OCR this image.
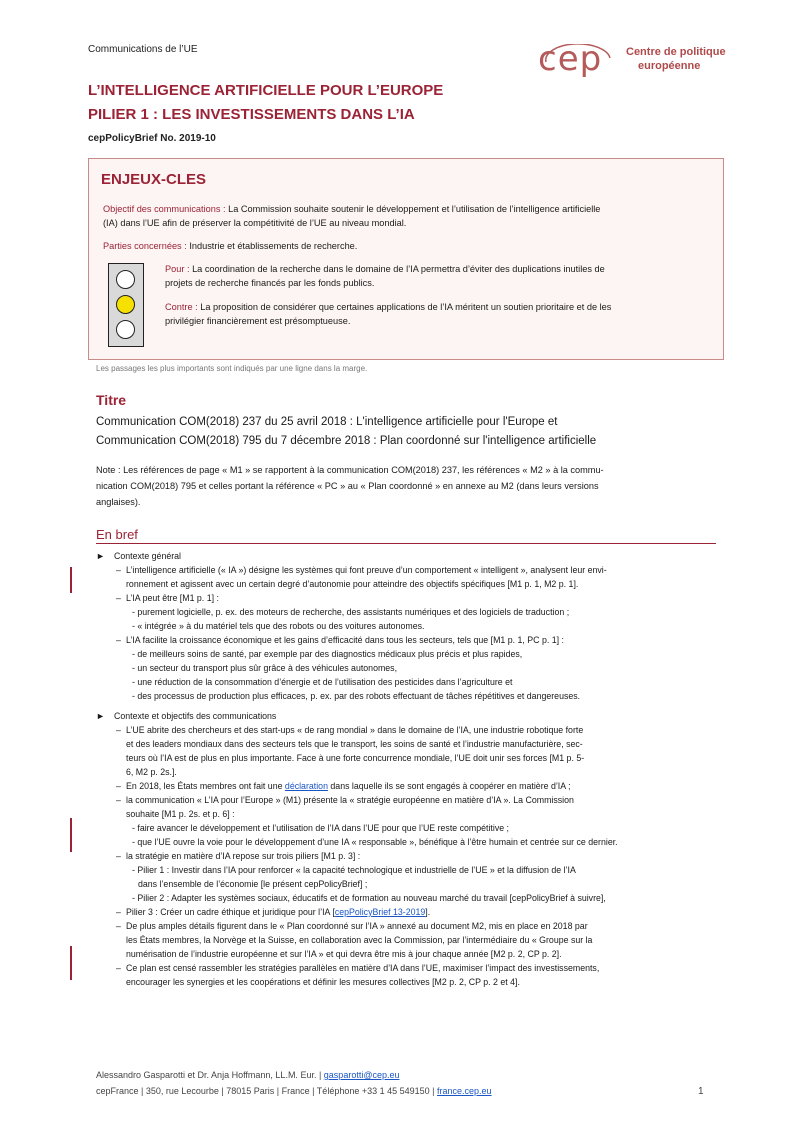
Communications de l’UE	cep Centre de politique
européenne
L’INTELLIGENCE ARTIFICIELLE POUR L’EUROPE
PILIER 1 : LES INVESTISSEMENTS DANS L’IA
cepPolicyBrief No. 2019-10
ENJEUX-CLES
Objectif des communications : La Commission souhaite soutenir le développement et l’utilisation de l’intelligence artificielle
(IA) dans l’UE afin de préserver la compétitivité de l’UE au niveau mondial.
Parties concernées : Industrie et établissements de recherche.
Pour : La coordination de la recherche dans le domaine de l’IA permettra d’éviter des duplications inutiles de
projets de recherche financés par les fonds publics.
Contre : La proposition de considérer que certaines applications de l’IA méritent un soutien prioritaire et de les
privilégier financièrement est présomptueuse.
Les passages les plus importants sont indiqués par une ligne dans la marge.
Titre
Communication COM(2018) 237 du 25 avril 2018 : L'intelligence artificielle pour l'Europe et
Communication COM(2018) 795 du 7 décembre 2018 : Plan coordonné sur l'intelligence artificielle
Note : Les références de page « M1 » se rapportent à la communication COM(2018) 237, les références « M2 » à la commu-
nication COM(2018) 795 et celles portant la référence « PC » au « Plan coordonné » en annexe au M2 (dans leurs versions
anglaises).
En bref
► Contexte général
– L’intelligence artificielle (« IA ») désigne les systèmes qui font preuve d’un comportement « intelligent », analysent leur envi-
ronnement et agissent avec un certain degré d’autonomie pour atteindre des objectifs spécifiques [M1 p. 1, M2 p. 1].
– L’IA peut être [M1 p. 1] :
- purement logicielle, p. ex. des moteurs de recherche, des assistants numériques et des logiciels de traduction ;
- « intégrée » à du matériel tels que des robots ou des voitures autonomes.
– L’IA facilite la croissance économique et les gains d’efficacité dans tous les secteurs, tels que [M1 p. 1, PC p. 1] :
- de meilleurs soins de santé, par exemple par des diagnostics médicaux plus précis et plus rapides,
- un secteur du transport plus sûr grâce à des véhicules autonomes,
- une réduction de la consommation d’énergie et de l’utilisation des pesticides dans l’agriculture et
- des processus de production plus efficaces, p. ex. par des robots effectuant de tâches répétitives et dangereuses.
► Contexte et objectifs des communications
– L’UE abrite des chercheurs et des start-ups « de rang mondial » dans le domaine de l’IA, une industrie robotique forte
et des leaders mondiaux dans des secteurs tels que le transport, les soins de santé et l’industrie manufacturière, sec-
teurs où l’IA est de plus en plus importante. Face à une forte concurrence mondiale, l’UE doit unir ses forces [M1 p. 5-
6, M2 p. 2s.].
– En 2018, les États membres ont fait une déclaration dans laquelle ils se sont engagés à coopérer en matière d’IA ;
– la communication « L’IA pour l’Europe » (M1) présente la « stratégie européenne en matière d’IA ». La Commission
souhaite [M1 p. 2s. et p. 6] :
- faire avancer le développement et l’utilisation de l’IA dans l’UE pour que l’UE reste compétitive ;
- que l’UE ouvre la voie pour le développement d’une IA « responsable », bénéfique à l’être humain et centrée sur ce dernier.
– la stratégie en matière d’IA repose sur trois piliers [M1 p. 3] :
- Pilier 1 : Investir dans l’IA pour renforcer « la capacité technologique et industrielle de l’UE » et la diffusion de l’IA
dans l’ensemble de l’économie [le présent cepPolicyBrief] ;
- Pilier 2 : Adapter les systèmes sociaux, éducatifs et de formation au nouveau marché du travail [cepPolicyBrief à suivre],
– Pilier 3 : Créer un cadre éthique et juridique pour l’IA [cepPolicyBrief 13-2019].
– De plus amples détails figurent dans le « Plan coordonné sur l’IA » annexé au document M2, mis en place en 2018 par
les États membres, la Norvège et la Suisse, en collaboration avec la Commission, par l’intermédiaire du « Groupe sur la
numérisation de l’industrie européenne et sur l’IA » et qui devra être mis à jour chaque année [M2 p. 2, CP p. 2].
– Ce plan est censé rassembler les stratégies parallèles en matière d’IA dans l’UE, maximiser l’impact des investissements,
encourager les synergies et les coopérations et définir les mesures collectives [M2 p. 2, CP p. 2 et 4].
Alessandro Gasparotti et Dr. Anja Hoffmann, LL.M. Eur. | gasparotti@cep.eu
cepFrance | 350, rue Lecourbe | 78015 Paris | France | Téléphone +33 1 45 549150 | france.cep.eu	1
